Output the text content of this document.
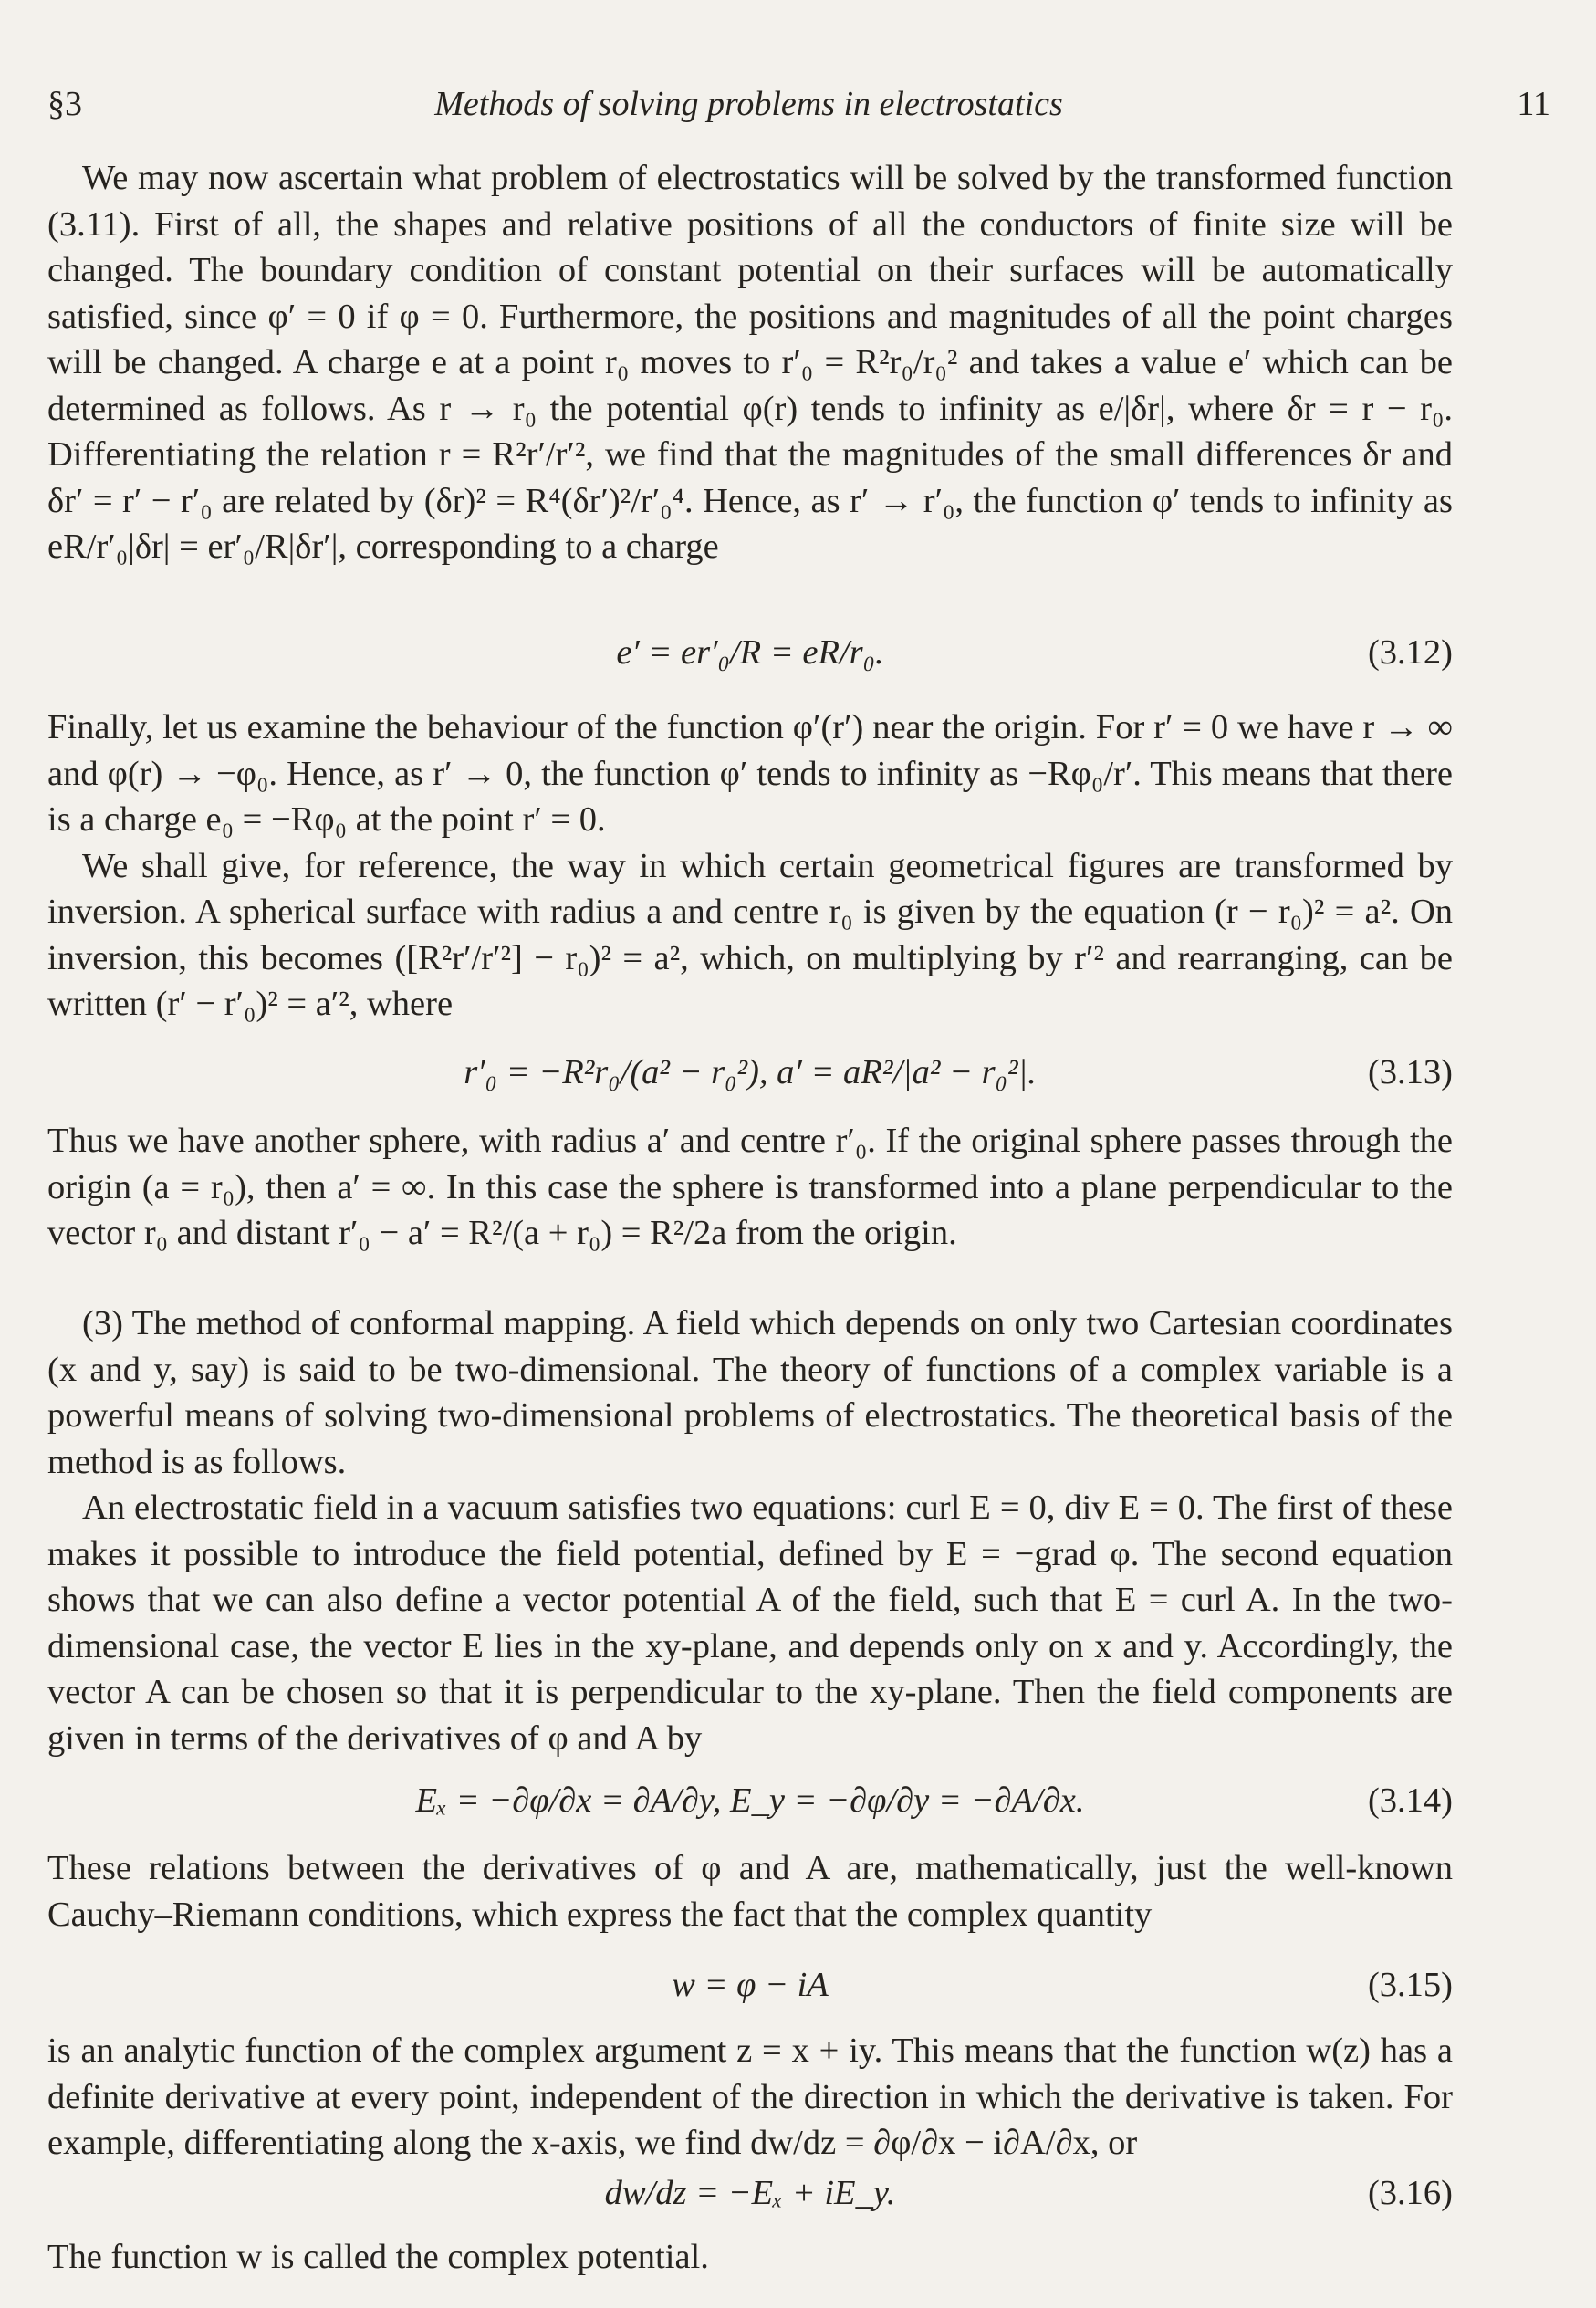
§3	Methods of solving problems in electrostatics	11

We may now ascertain what problem of electrostatics will be solved by the transformed function (3.11). First of all, the shapes and relative positions of all the conductors of finite size will be changed. The boundary condition of constant potential on their surfaces will be automatically satisfied, since φ′ = 0 if φ = 0. Furthermore, the positions and magnitudes of all the point charges will be changed. A charge e at a point r₀ moves to r′₀ = R²r₀/r₀² and takes a value e′ which can be determined as follows. As r → r₀ the potential φ(r) tends to infinity as e/|δr|, where δr = r − r₀. Differentiating the relation r = R²r′/r′², we find that the magnitudes of the small differences δr and δr′ = r′ − r′₀ are related by (δr)² = R⁴(δr′)²/r′₀⁴. Hence, as r′ → r′₀, the function φ′ tends to infinity as eR/r′₀|δr| = er′₀/R|δr′|, corresponding to a charge

e′ = er′₀/R = eR/r₀.	(3.12)

Finally, let us examine the behaviour of the function φ′(r′) near the origin. For r′ = 0 we have r → ∞ and φ(r) → −φ₀. Hence, as r′ → 0, the function φ′ tends to infinity as −Rφ₀/r′. This means that there is a charge e₀ = −Rφ₀ at the point r′ = 0.

We shall give, for reference, the way in which certain geometrical figures are transformed by inversion. A spherical surface with radius a and centre r₀ is given by the equation (r − r₀)² = a². On inversion, this becomes ([R²r′/r′²] − r₀)² = a², which, on multiplying by r′² and rearranging, can be written (r′ − r′₀)² = a′², where

r′₀ = −R²r₀/(a² − r₀²), a′ = aR²/|a² − r₀²|.	(3.13)

Thus we have another sphere, with radius a′ and centre r′₀. If the original sphere passes through the origin (a = r₀), then a′ = ∞. In this case the sphere is transformed into a plane perpendicular to the vector r₀ and distant r′₀ − a′ = R²/(a + r₀) = R²/2a from the origin.

(3) The method of conformal mapping. A field which depends on only two Cartesian coordinates (x and y, say) is said to be two-dimensional. The theory of functions of a complex variable is a powerful means of solving two-dimensional problems of electrostatics. The theoretical basis of the method is as follows.

An electrostatic field in a vacuum satisfies two equations: curl E = 0, div E = 0. The first of these makes it possible to introduce the field potential, defined by E = −grad φ. The second equation shows that we can also define a vector potential A of the field, such that E = curl A. In the two-dimensional case, the vector E lies in the xy-plane, and depends only on x and y. Accordingly, the vector A can be chosen so that it is perpendicular to the xy-plane. Then the field components are given in terms of the derivatives of φ and A by

Eₓ = −∂φ/∂x = ∂A/∂y, E_y = −∂φ/∂y = −∂A/∂x.	(3.14)

These relations between the derivatives of φ and A are, mathematically, just the well-known Cauchy–Riemann conditions, which express the fact that the complex quantity

w = φ − iA	(3.15)

is an analytic function of the complex argument z = x + iy. This means that the function w(z) has a definite derivative at every point, independent of the direction in which the derivative is taken. For example, differentiating along the x-axis, we find dw/dz = ∂φ/∂x − i∂A/∂x, or

dw/dz = −Eₓ + iE_y.	(3.16)

The function w is called the complex potential.
